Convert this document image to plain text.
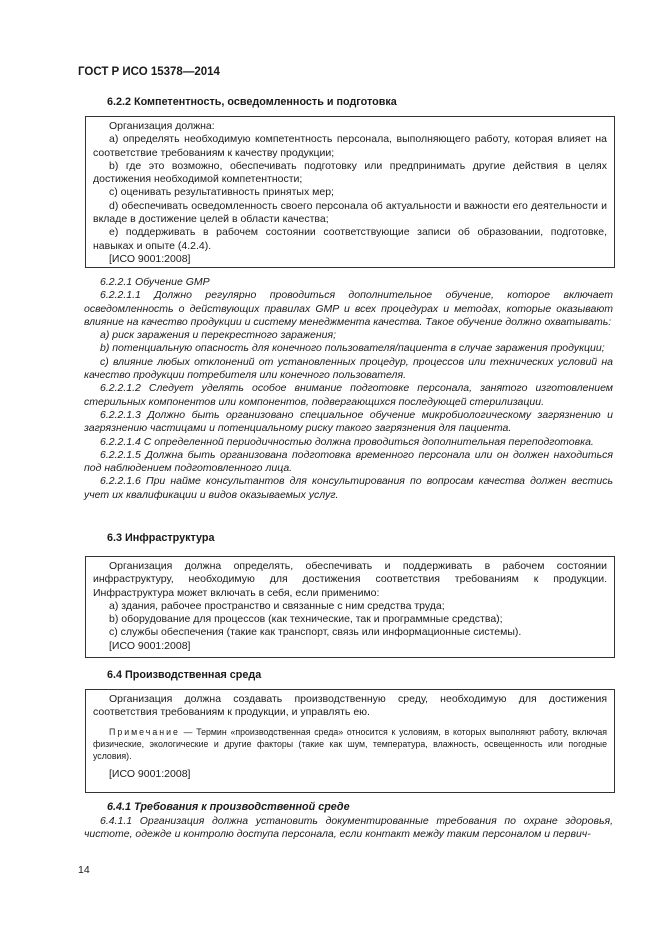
ГОСТ Р ИСО 15378—2014
6.2.2 Компетентность, осведомленность и подготовка

Организация должна:

a) определять необходимую компетентность персонала, выполняющего работу, которая влияет на соответствие требованиям к качеству продукции;

b) где это возможно, обеспечивать подготовку или предпринимать другие действия в целях достижения необходимой компетентности;

c) оценивать результативность принятых мер;

d) обеспечивать осведомленность своего персонала об актуальности и важности его деятельности и вкладе в достижение целей в области качества;

e) поддерживать в рабочем состоянии соответствующие записи об образовании, подготовке, навыках и опыте (4.2.4).

[ИСО 9001:2008]

6.2.2.1 Обучение GMP

6.2.2.1.1 Должно регулярно проводиться дополнительное обучение, которое включает осведомленность о действующих правилах GMP и всех процедурах и методах, которые оказывают влияние на качество продукции и систему менеджмента качества. Такое обучение должно охватывать:

a) риск заражения и перекрестного заражения;

b) потенциальную опасность для конечного пользователя/пациента в случае заражения продукции;

c) влияние любых отклонений от установленных процедур, процессов или технических условий на качество продукции потребителя или конечного пользователя.

6.2.2.1.2 Следует уделять особое внимание подготовке персонала, занятого изготовлением стерильных компонентов или компонентов, подвергающихся последующей стерилизации.

6.2.2.1.3 Должно быть организовано специальное обучение микробиологическому загрязнению и загрязнению частицами и потенциальному риску такого загрязнения для пациента.

6.2.2.1.4 С определенной периодичностью должна проводиться дополнительная переподготовка.

6.2.2.1.5 Должна быть организована подготовка временного персонала или он должен находиться под наблюдением подготовленного лица.

6.2.2.1.6 При найме консультантов для консультирования по вопросам качества должен вестись учет их квалификации и видов оказываемых услуг.

6.3 Инфраструктура

Организация должна определять, обеспечивать и поддерживать в рабочем состоянии инфраструктуру, необходимую для достижения соответствия требованиям к продукции. Инфраструктура может включать в себя, если применимо:

a) здания, рабочее пространство и связанные с ним средства труда;

b) оборудование для процессов (как технические, так и программные средства);

c) службы обеспечения (такие как транспорт, связь или информационные системы).

[ИСО 9001:2008]

6.4 Производственная среда

Организация должна создавать производственную среду, необходимую для достижения соответствия требованиям к продукции, и управлять ею.

Примечание — Термин «производственная среда» относится к условиям, в которых выполняют работу, включая физические, экологические и другие факторы (такие как шум, температура, влажность, освещенность или погодные условия).

[ИСО 9001:2008]

6.4.1 Требования к производственной среде

6.4.1.1 Организация должна установить документированные требования по охране здоровья, чистоте, одежде и контролю доступа персонала, если контакт между таким персоналом и первич-

14
